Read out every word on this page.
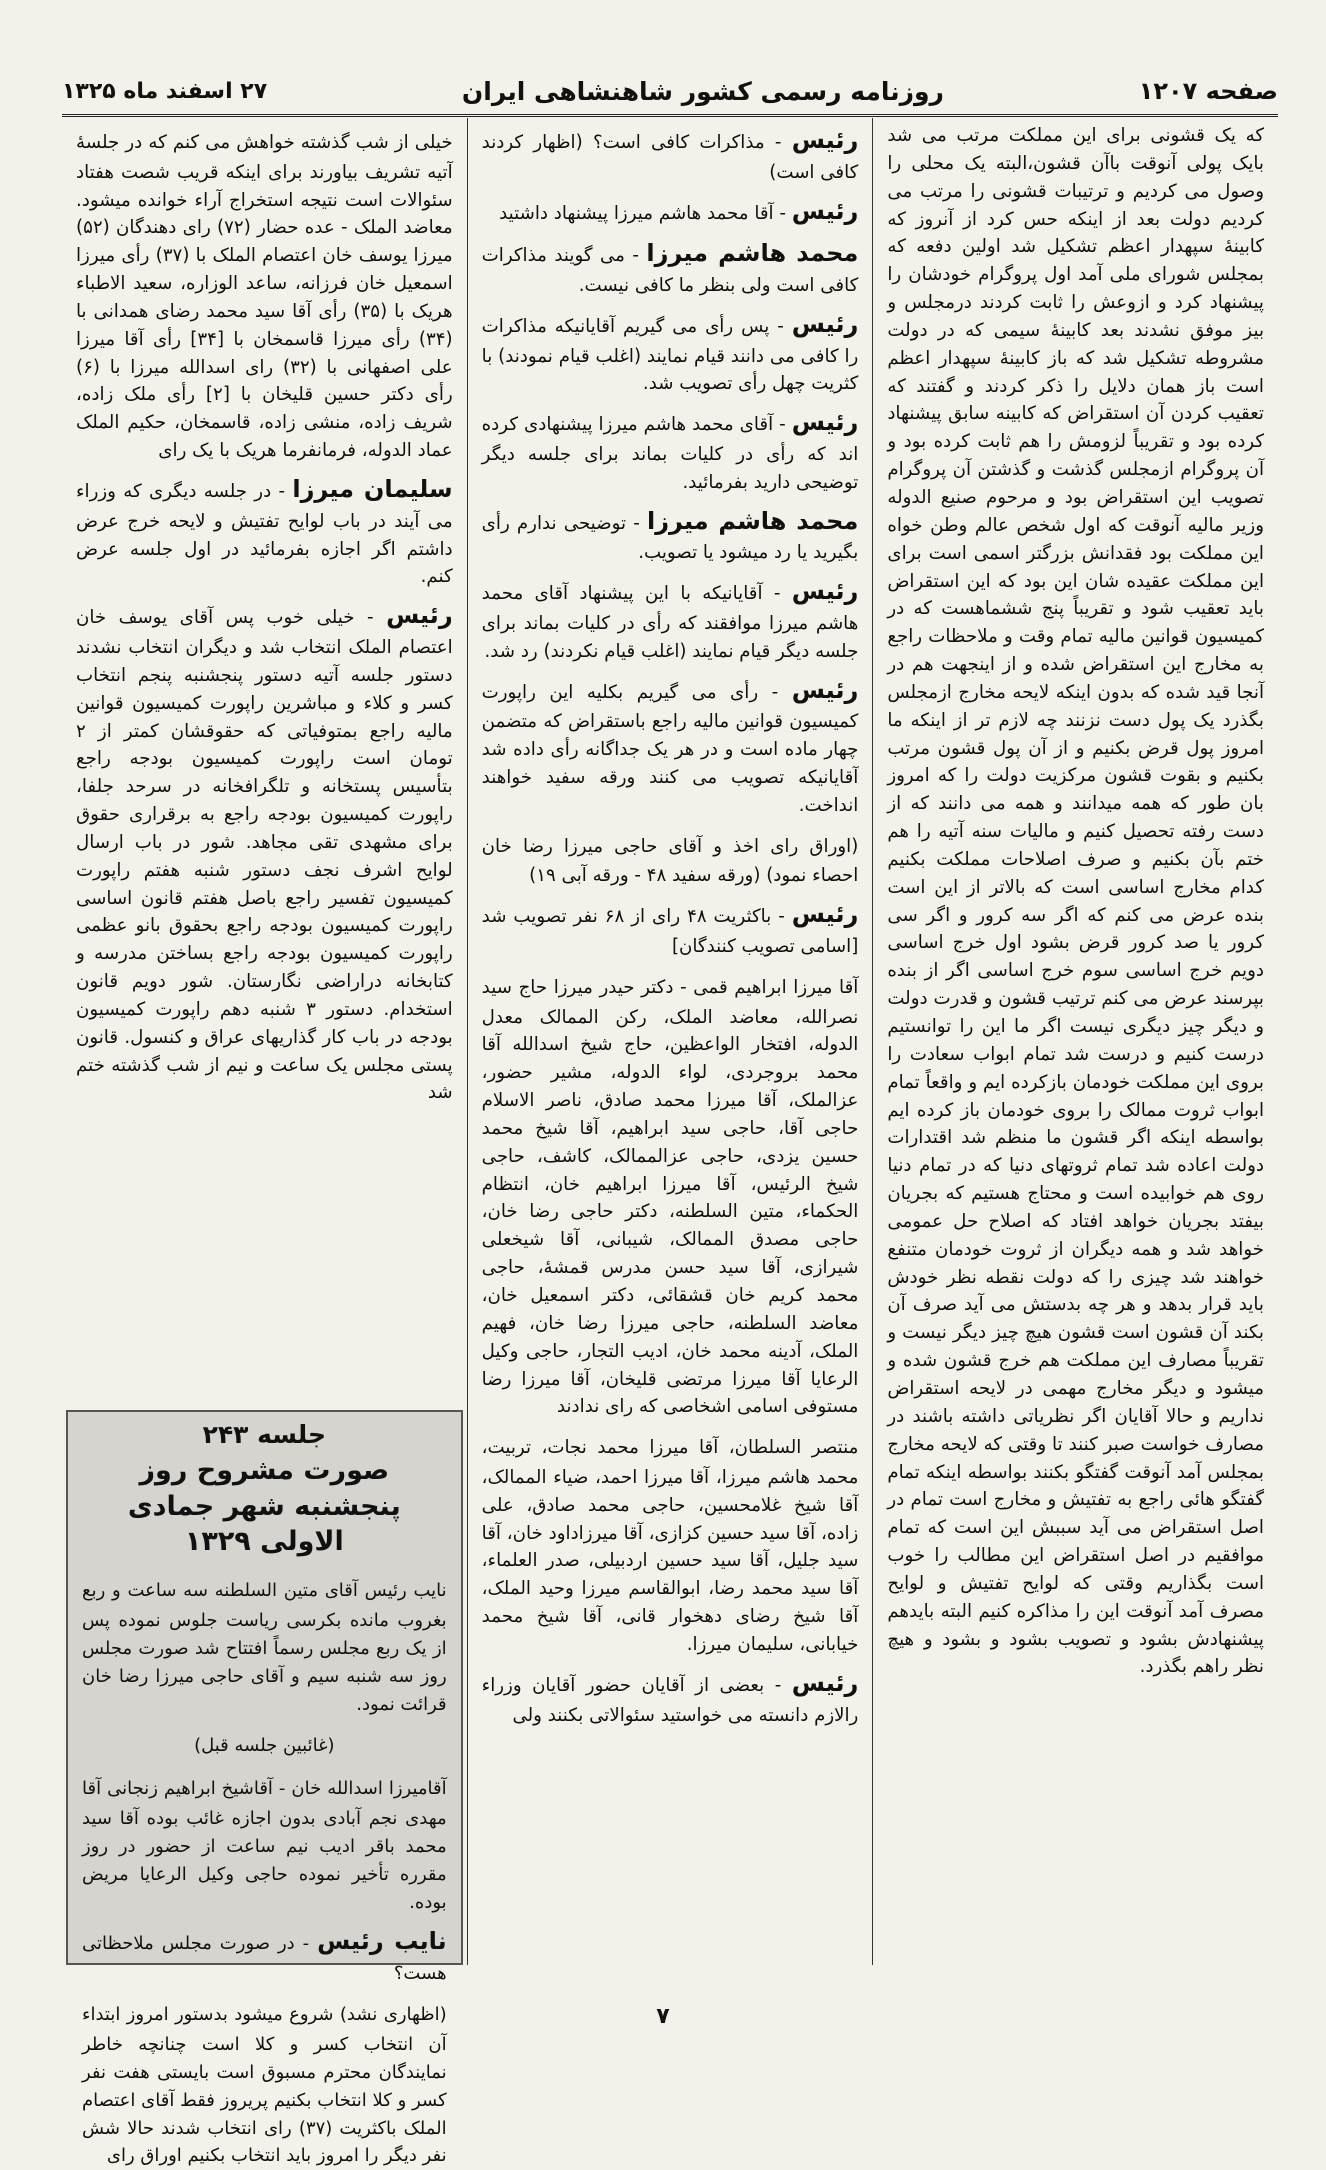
صفحه ۱۲۰۷
روزنامه رسمی کشور شاهنشاهی ایران
۲۷ اسفند ماه ۱۳۲۵

که یک قشونی برای این مملکت مرتب می شد بایک پولی آنوقت باآن قشون،البته یک محلی را وصول می کردیم و ترتیبات قشونی را مرتب می کردیم دولت بعد از اینکه حس کرد از آنروز که کابینهٔ سپهدار اعظم تشکیل شد اولین دفعه که بمجلس شورای ملی آمد اول پروگرام خودشان را پیشنهاد کرد و ازوعش را ثابت کردند درمجلس و بیز موفق نشدند بعد کابینهٔ سیمی که در دولت مشروطه تشکیل شد که باز کابینهٔ سپهدار اعظم است باز همان دلایل را ذکر کردند و گفتند که تعقیب کردن آن استقراض که کابینه سابق پیشنهاد کرده بود و تقریباً لزومش را هم ثابت کرده بود و آن پروگرام ازمجلس گذشت و گذشتن آن پروگرام تصویب این استقراض بود و مرحوم صنیع الدوله وزیر مالیه آنوقت که اول شخص عالم وطن خواه این مملکت بود فقدانش بزرگتر اسمی است برای این مملکت عقیده شان این بود که این استقراض باید تعقیب شود و تقریباً پنج ششماهست که در کمیسیون قوانین مالیه تمام وقت و ملاحظات راجع به مخارج این استقراض شده و از اینجهت هم در آنجا قید شده که بدون اینکه لایحه مخارج ازمجلس بگذرد یک پول دست نزنند چه لازم تر از اینکه ما امروز پول قرض بکنیم و از آن پول قشون مرتب بکنیم و بقوت قشون مرکزیت دولت را که امروز بان طور که همه میدانند و همه می دانند که از دست رفته تحصیل کنیم و مالیات سنه آتیه را هم ختم بآن بکنیم و صرف اصلاحات مملکت بکنیم کدام مخارج اساسی است که بالاتر از این است بنده عرض می کنم که اگر سه کرور و اگر سی کرور یا صد کرور قرض بشود اول خرج اساسی دویم خرج اساسی سوم خرج اساسی اگر از بنده بپرسند عرض می کنم ترتیب قشون و قدرت دولت و دیگر چیز دیگری نیست اگر ما این را توانستیم درست کنیم و درست شد تمام ابواب سعادت را بروی این مملکت خودمان بازکرده ایم و واقعاً تمام ابواب ثروت ممالک را بروی خودمان باز کرده ایم بواسطه اینکه اگر قشون ما منظم شد اقتدارات دولت اعاده شد تمام ثروتهای دنیا که در تمام دنیا روی هم خوابیده است و محتاج هستیم که بجریان بیفتد بجریان خواهد افتاد که اصلاح حل عمومی خواهد شد و همه دیگران از ثروت خودمان متنفع خواهند شد چیزی را که دولت نقطه نظر خودش باید قرار بدهد و هر چه بدستش می آید صرف آن بکند آن قشون است قشون هیچ چیز دیگر نیست و تقریباً مصارف این مملکت هم خرج قشون شده و میشود و دیگر مخارج مهمی در لایحه استقراض نداریم و حالا آقایان اگر نظریاتی داشته باشند در مصارف خواست صبر کنند تا وقتی که لایحه مخارج بمجلس آمد آنوقت گفتگو بکنند بواسطه اینکه تمام گفتگو هائی راجع به تفتیش و مخارج است تمام در اصل استقراض می آید سببش این است که تمام موافقیم در اصل استقراض این مطالب را خوب است بگذاریم وقتی که لوایح تفتیش و لوایح مصرف آمد آنوقت این را مذاکره کنیم البته بایدهم پیشنهادش بشود و تصویب بشود و بشود و هیچ نظر راهم بگذرد.

رئیس - مذاکرات کافی است؟ (اظهار کردند کافی است)

رئیس - آقا محمد هاشم میرزا پیشنهاد داشتید

محمد هاشم میرزا - می گویند مذاکرات کافی است ولی بنظر ما کافی نیست.

رئیس - پس رأی می گیریم آقایانیکه مذاکرات را کافی می دانند قیام نمایند (اغلب قیام نمودند) با کثریت چهل رأی تصویب شد.

رئیس - آقای محمد هاشم میرزا پیشنهادی کرده اند که رأی در کلیات بماند برای جلسه دیگر توضیحی دارید بفرمائید.

محمد هاشم میرزا - توضیحی ندارم رأی بگیرید یا رد میشود یا تصویب.

رئیس - آقایانیکه با این پیشنهاد آقای محمد هاشم میرزا موافقند که رأی در کلیات بماند برای جلسه دیگر قیام نمایند (اغلب قیام نکردند) رد شد.

رئیس - رأی می گیریم بکلیه این راپورت کمیسیون قوانین مالیه راجع باستقراض که متضمن چهار ماده است و در هر یک جداگانه رأی داده شد آقایانیکه تصویب می کنند ورقه سفید خواهند انداخت.

(اوراق رای اخذ و آقای حاجی میرزا رضا خان احصاء نمود) (ورقه سفید ۴۸ - ورقه آبی ۱۹)

رئیس - باکثریت ۴۸ رای از ۶۸ نفر تصویب شد [اسامی تصویب کنندگان]

آقا میرزا ابراهیم قمی - دکتر حیدر میرزا حاج سید نصرالله، معاضد الملک، رکن الممالک معدل الدوله، افتخار الواعظین، حاج شیخ اسدالله آقا محمد بروجردی، لواء الدوله، مشیر حضور، عزالملک، آقا میرزا محمد صادق، ناصر الاسلام حاجی آقا، حاجی سید ابراهیم، آقا شیخ محمد حسین یزدی، حاجی عزالممالک، کاشف، حاجی شیخ الرئیس، آقا میرزا ابراهیم خان، انتظام الحکماء، متین السلطنه، دکتر حاجی رضا خان، حاجی مصدق الممالک، شیبانی، آقا شیخعلی شیرازی، آقا سید حسن مدرس قمشهٔ، حاجی محمد کریم خان قشقائی، دکتر اسمعیل خان، معاضد السلطنه، حاجی میرزا رضا خان، فهیم الملک، آدینه محمد خان، ادیب التجار، حاجی وکیل الرعایا آقا میرزا مرتضی قلیخان، آقا میرزا رضا مستوفی اسامی اشخاصی که رای ندادند

منتصر السلطان، آقا میرزا محمد نجات، تربیت، محمد هاشم میرزا، آقا میرزا احمد، ضیاء الممالک، آقا شیخ غلامحسین، حاجی محمد صادق، علی زاده، آقا سید حسین کزازی، آقا میرزاداود خان، آقا سید جلیل، آقا سید حسین اردبیلی، صدر العلماء، آقا سید محمد رضا، ابوالقاسم میرزا وحید الملک، آقا شیخ رضای دهخوار قانی، آقا شیخ محمد خیابانی، سلیمان میرزا.

رئیس - بعضی از آقایان حضور آقایان وزراء رالازم دانسته می خواستید سئوالاتی بکنند ولی

خیلی از شب گذشته خواهش می کنم که در جلسهٔ آتیه تشریف بیاورند برای اینکه قریب شصت هفتاد سئوالات است نتیجه استخراج آراء خوانده میشود. معاضد الملک - عده حضار (۷۲) رای دهندگان (۵۲) میرزا یوسف خان اعتصام الملک با (۳۷) رأی میرزا اسمعیل خان فرزانه، ساعد الوزاره، سعید الاطباء هریک با (۳۵) رأی آقا سید محمد رضای همدانی با (۳۴) رأی میرزا قاسمخان با [۳۴] رأی آقا میرزا علی اصفهانی با (۳۲) رای اسدالله میرزا با (۶) رأی دکتر حسین قلیخان با [۲] رأی ملک زاده، شریف زاده، منشی زاده، قاسمخان، حکیم الملک عماد الدوله، فرمانفرما هریک با یک رای

سلیمان میرزا - در جلسه دیگری که وزراء می آیند در باب لوایح تفتیش و لایحه خرج عرض داشتم اگر اجازه بفرمائید در اول جلسه عرض کنم.

رئیس - خیلی خوب پس آقای یوسف خان اعتصام الملک انتخاب شد و دیگران انتخاب نشدند دستور جلسه آتیه دستور پنجشنبه پنجم انتخاب کسر و کلاء و مباشرین راپورت کمیسیون قوانین مالیه راجع بمتوفیاتی که حقوقشان کمتر از ۲ تومان است راپورت کمیسیون بودجه راجع بتأسیس پستخانه و تلگرافخانه در سرحد جلفا، راپورت کمیسیون بودجه راجع به برقراری حقوق برای مشهدی تقی مجاهد. شور در باب ارسال لوایح اشرف نجف دستور شنبه هفتم راپورت کمیسیون تفسیر راجع باصل هفتم قانون اساسی راپورت کمیسیون بودجه راجع بحقوق بانو عظمی راپورت کمیسیون بودجه راجع بساختن مدرسه و کتابخانه دراراضی نگارستان. شور دویم قانون استخدام. دستور ۳ شنبه دهم راپورت کمیسیون بودجه در باب کار گذاریهای عراق و کنسول. قانون پستی مجلس یک ساعت و نیم از شب گذشته ختم شد

جلسه ۲۴۳
صورت مشروح روز پنجشنبه شهر جمادی الاولی ۱۳۲۹

نایب رئیس آقای متین السلطنه سه ساعت و ربع بغروب مانده بکرسی ریاست جلوس نموده پس از یک ربع مجلس رسماً افتتاح شد صورت مجلس روز سه شنبه سیم و آقای حاجی میرزا رضا خان قرائت نمود.

(غائبین جلسه قبل)

آقامیرزا اسدالله خان - آقاشیخ ابراهیم زنجانی آقا مهدی نجم آبادی بدون اجازه غائب بوده آقا سید محمد باقر ادیب نیم ساعت از حضور در روز مقرره تأخیر نموده حاجی وکیل الرعایا مریض بوده.

نایب رئیس - در صورت مجلس ملاحظاتی هست؟

(اظهاری نشد) شروع میشود بدستور امروز ابتداء آن انتخاب کسر و کلا است چنانچه خاطر نمایندگان محترم مسبوق است بایستی هفت نفر کسر و کلا انتخاب بکنیم پریروز فقط آقای اعتصام الملک باکثریت (۳۷) رای انتخاب شدند حالا شش نفر دیگر را امروز باید انتخاب بکنیم اوراق رای

۷
